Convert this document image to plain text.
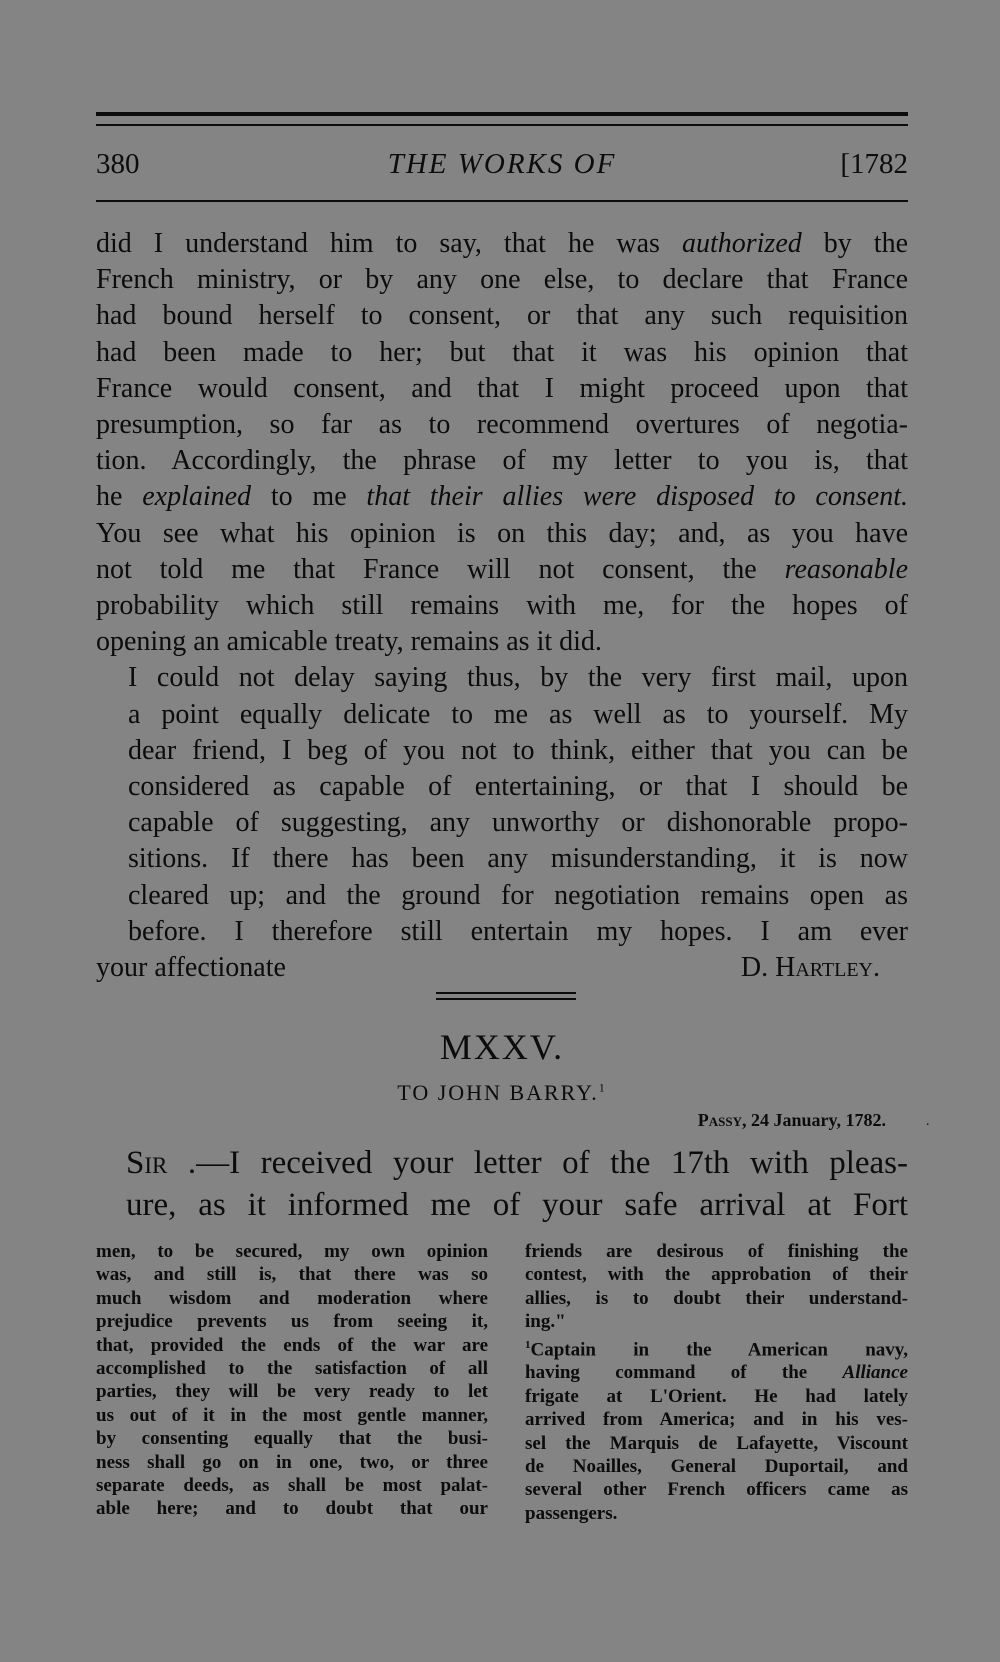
380	THE WORKS OF	[1782
did I understand him to say, that he was authorized by the
French ministry, or by any one else, to declare that France
had bound herself to consent, or that any such requisition
had been made to her; but that it was his opinion that
France would consent, and that I might proceed upon that
presumption, so far as to recommend overtures of negotia-
tion. Accordingly, the phrase of my letter to you is, that
he explained to me that their allies were disposed to consent.
You see what his opinion is on this day; and, as you have
not told me that France will not consent, the reasonable
probability which still remains with me, for the hopes of
opening an amicable treaty, remains as it did.
I could not delay saying thus, by the very first mail, upon
a point equally delicate to me as well as to yourself. My
dear friend, I beg of you not to think, either that you can be
considered as capable of entertaining, or that I should be
capable of suggesting, any unworthy or dishonorable propo-
sitions. If there has been any misunderstanding, it is now
cleared up; and the ground for negotiation remains open as
before. I therefore still entertain my hopes. I am ever
your affectionate	D. Hartley.
MXXV.
TO JOHN BARRY.$^1$
Passy, 24 January, 1782.	.
Sir .—I received your letter of the 17th with pleas-
ure, as it informed me of your safe arrival at Fort
men, to be secured, my own opinion
was, and still is, that there was so
much wisdom and moderation where
prejudice prevents us from seeing it,
that, provided the ends of the war are
accomplished to the satisfaction of all
parties, they will be very ready to let
us out of it in the most gentle manner,
by consenting equally that the busi-
ness shall go on in one, two, or three
separate deeds, as shall be most palat-
able here; and to doubt that our
friends are desirous of finishing the
contest, with the approbation of their
allies, is to doubt their understand-
ing."
$^1$Captain in the American navy,
having command of the Alliance
frigate at L'Orient. He had lately
arrived from America; and in his ves-
sel the Marquis de Lafayette, Viscount
de Noailles, General Duportail, and
several other French officers came as
passengers.
